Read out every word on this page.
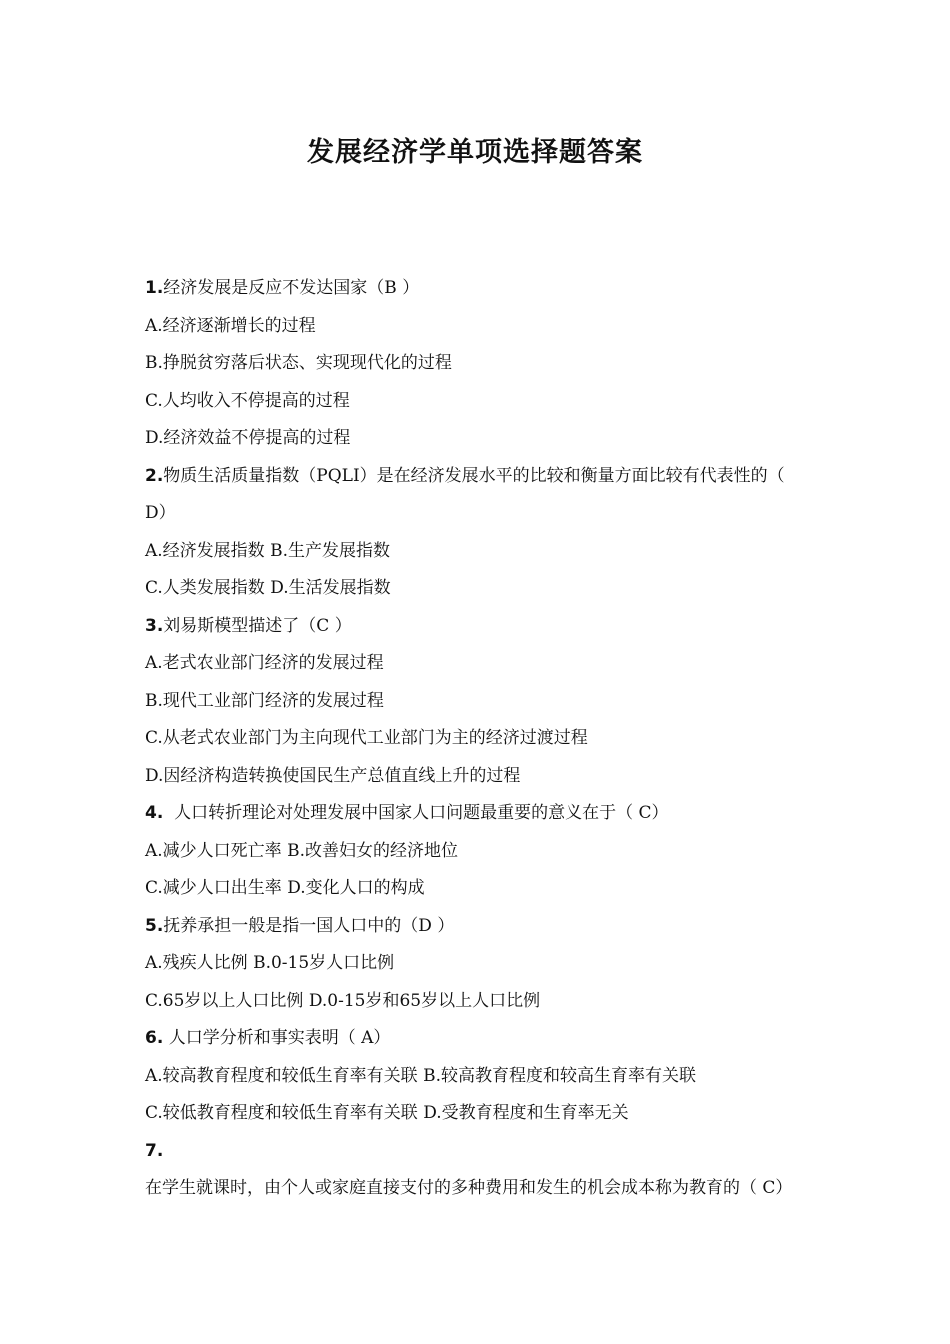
发展经济学单项选择题答案
1.经济发展是反应不发达国家（B ）
A.经济逐渐增长的过程
B.挣脱贫穷落后状态、实现现代化的过程
C.人均收入不停提高的过程
D.经济效益不停提高的过程
2.物质生活质量指数（PQLI）是在经济发展水平的比较和衡量方面比较有代表性的（ D）
A.经济发展指数 B.生产发展指数
C.人类发展指数 D.生活发展指数
3.刘易斯模型描述了（C ）
A.老式农业部门经济的发展过程
B.现代工业部门经济的发展过程
C.从老式农业部门为主向现代工业部门为主的经济过渡过程
D.因经济构造转换使国民生产总值直线上升的过程
4.  人口转折理论对处理发展中国家人口问题最重要的意义在于（ C）
A.减少人口死亡率 B.改善妇女的经济地位
C.减少人口出生率 D.变化人口的构成
5.抚养承担一般是指一国人口中的（D ）
A.残疾人比例 B.0-15岁人口比例
C.65岁以上人口比例 D.0-15岁和65岁以上人口比例
6. 人口学分析和事实表明（ A）
A.较高教育程度和较低生育率有关联 B.较高教育程度和较高生育率有关联
C.较低教育程度和较低生育率有关联 D.受教育程度和生育率无关
7.在学生就课时，由个人或家庭直接支付的多种费用和发生的机会成本称为教育的（ C）
